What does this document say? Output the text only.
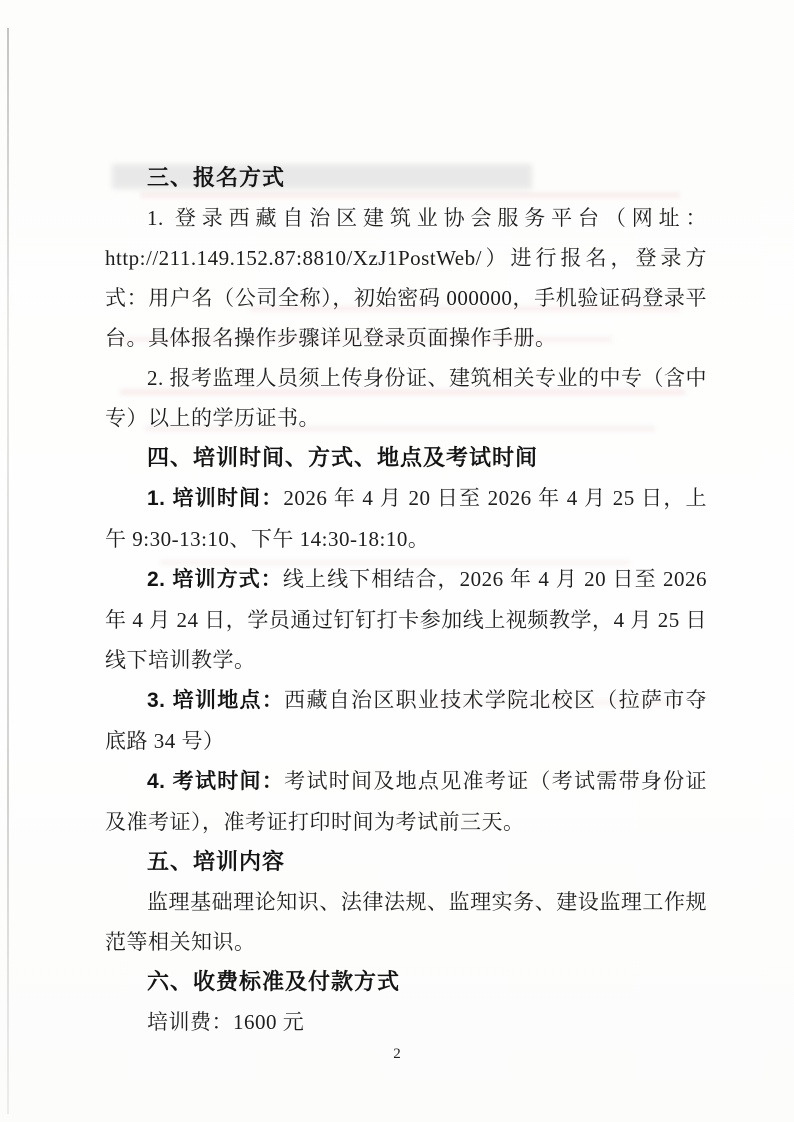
三、报名方式

1. 登录西藏自治区建筑业协会服务平台（网址：http://211.149.152.87:8810/XzJ1PostWeb/）进行报名，登录方式：用户名（公司全称），初始密码 000000，手机验证码登录平台。具体报名操作步骤详见登录页面操作手册。

2. 报考监理人员须上传身份证、建筑相关专业的中专（含中专）以上的学历证书。

四、培训时间、方式、地点及考试时间

1. 培训时间：2026 年 4 月 20 日至 2026 年 4 月 25 日，上午 9:30-13:10、下午 14:30-18:10。

2. 培训方式：线上线下相结合，2026 年 4 月 20 日至 2026 年 4 月 24 日，学员通过钉钉打卡参加线上视频教学，4 月 25 日线下培训教学。

3. 培训地点：西藏自治区职业技术学院北校区（拉萨市夺底路 34 号）

4. 考试时间：考试时间及地点见准考证（考试需带身份证及准考证），准考证打印时间为考试前三天。

五、培训内容

监理基础理论知识、法律法规、监理实务、建设监理工作规范等相关知识。

六、收费标准及付款方式

培训费：1600 元

2
